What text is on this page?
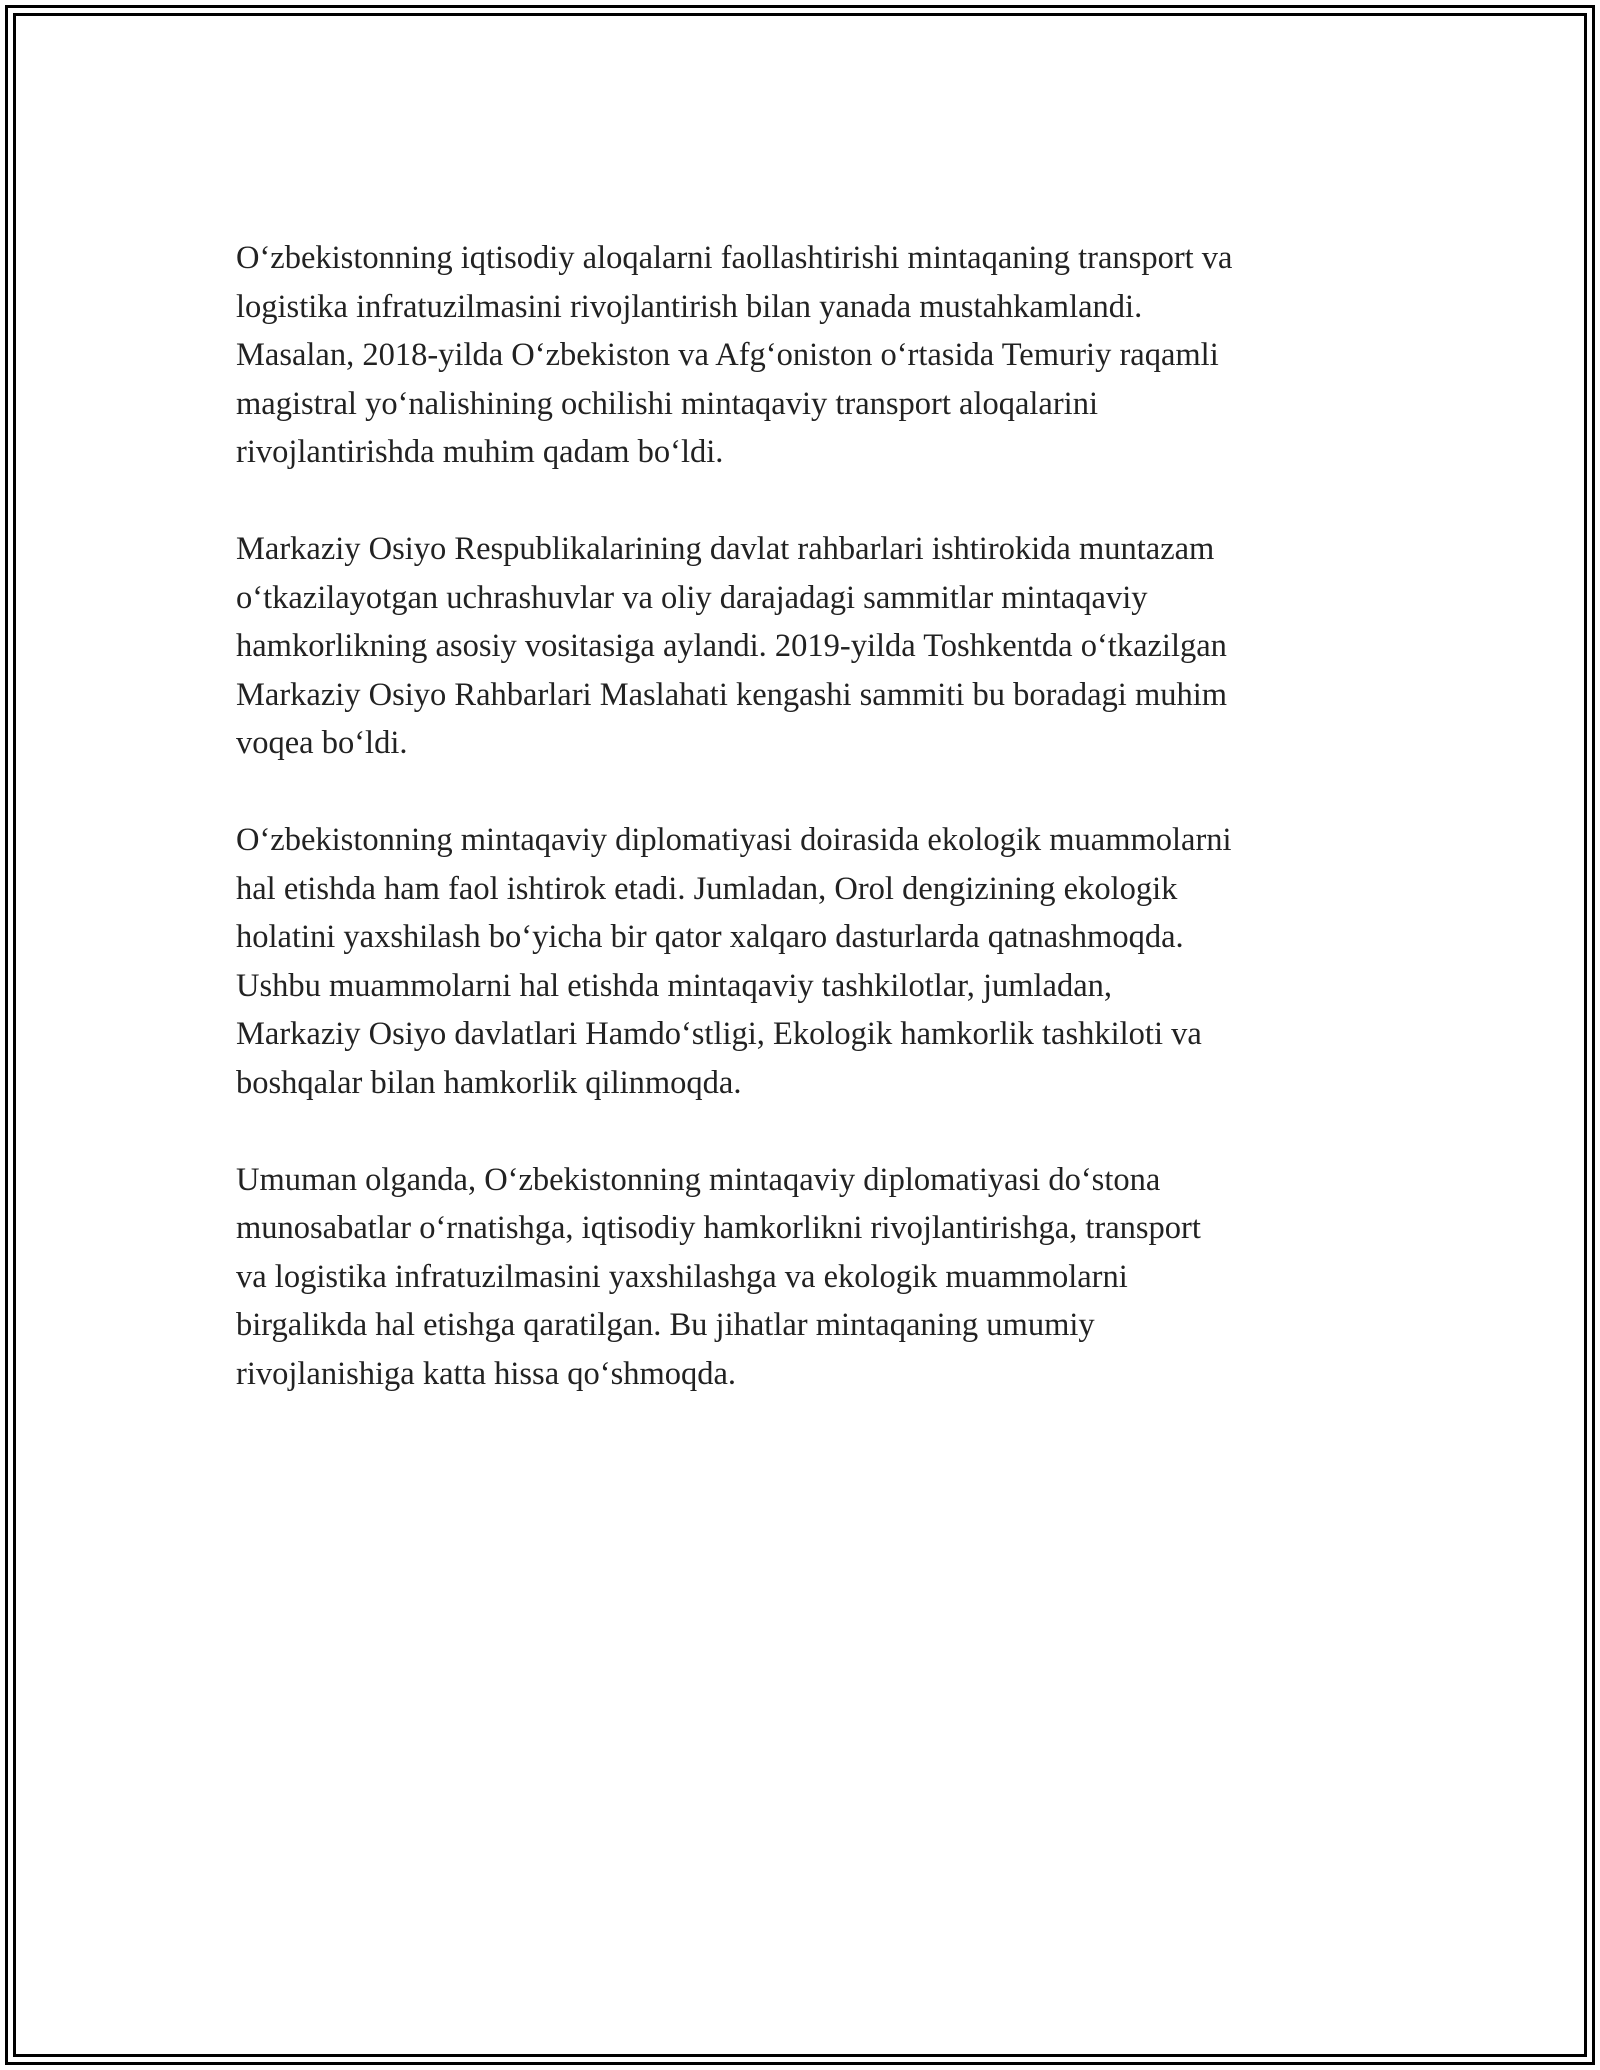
O‘zbekistonning iqtisodiy aloqalarni faollashtirishi mintaqaning transport va
logistika infratuzilmasini rivojlantirish bilan yanada mustahkamlandi.
Masalan, 2018-yilda O‘zbekiston va Afg‘oniston o‘rtasida Temuriy raqamli
magistral yo‘nalishining ochilishi mintaqaviy transport aloqalarini
rivojlantirishda muhim qadam bo‘ldi.

Markaziy Osiyo Respublikalarining davlat rahbarlari ishtirokida muntazam
o‘tkazilayotgan uchrashuvlar va oliy darajadagi sammitlar mintaqaviy
hamkorlikning asosiy vositasiga aylandi. 2019-yilda Toshkentda o‘tkazilgan
Markaziy Osiyo Rahbarlari Maslahati kengashi sammiti bu boradagi muhim
voqea bo‘ldi.

O‘zbekistonning mintaqaviy diplomatiyasi doirasida ekologik muammolarni
hal etishda ham faol ishtirok etadi. Jumladan, Orol dengizining ekologik
holatini yaxshilash bo‘yicha bir qator xalqaro dasturlarda qatnashmoqda.
Ushbu muammolarni hal etishda mintaqaviy tashkilotlar, jumladan,
Markaziy Osiyo davlatlari Hamdo‘stligi, Ekologik hamkorlik tashkiloti va
boshqalar bilan hamkorlik qilinmoqda.

Umuman olganda, O‘zbekistonning mintaqaviy diplomatiyasi do‘stona
munosabatlar o‘rnatishga, iqtisodiy hamkorlikni rivojlantirishga, transport
va logistika infratuzilmasini yaxshilashga va ekologik muammolarni
birgalikda hal etishga qaratilgan. Bu jihatlar mintaqaning umumiy
rivojlanishiga katta hissa qo‘shmoqda.
